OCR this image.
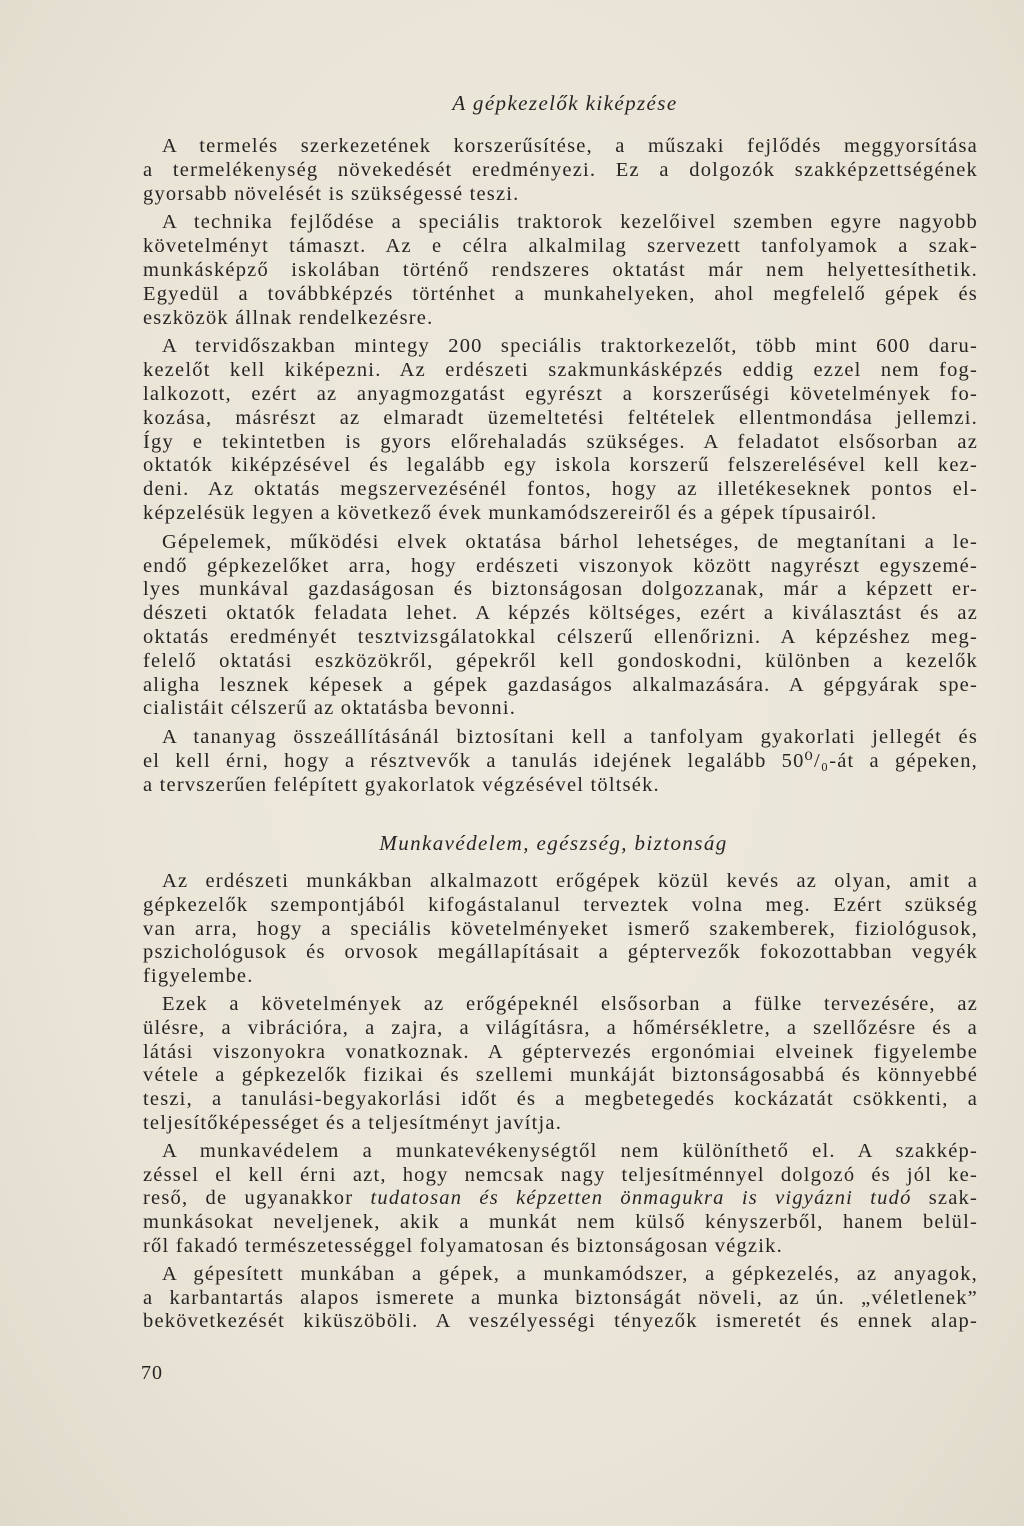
A gépkezelők kiképzése
A termelés szerkezetének korszerűsítése, a műszaki fejlődés meggyorsítása
a termelékenység növekedését eredményezi. Ez a dolgozók szakképzettségének
gyorsabb növelését is szükségessé teszi.
A technika fejlődése a speciális traktorok kezelőivel szemben egyre nagyobb
követelményt támaszt. Az e célra alkalmilag szervezett tanfolyamok a szak-
munkásképző iskolában történő rendszeres oktatást már nem helyettesíthetik.
Egyedül a továbbképzés történhet a munkahelyeken, ahol megfelelő gépek és
eszközök állnak rendelkezésre.
A tervidőszakban mintegy 200 speciális traktorkezelőt, több mint 600 daru-
kezelőt kell kiképezni. Az erdészeti szakmunkásképzés eddig ezzel nem fog-
lalkozott, ezért az anyagmozgatást egyrészt a korszerűségi követelmények fo-
kozása, másrészt az elmaradt üzemeltetési feltételek ellentmondása jellemzi.
Így e tekintetben is gyors előrehaladás szükséges. A feladatot elsősorban az
oktatók kiképzésével és legalább egy iskola korszerű felszerelésével kell kez-
deni. Az oktatás megszervezésénél fontos, hogy az illetékeseknek pontos el-
képzelésük legyen a következő évek munkamódszereiről és a gépek típusairól.
Gépelemek, működési elvek oktatása bárhol lehetséges, de megtanítani a le-
endő gépkezelőket arra, hogy erdészeti viszonyok között nagyrészt egyszemé-
lyes munkával gazdaságosan és biztonságosan dolgozzanak, már a képzett er-
dészeti oktatók feladata lehet. A képzés költséges, ezért a kiválasztást és az
oktatás eredményét tesztvizsgálatokkal célszerű ellenőrizni. A képzéshez meg-
felelő oktatási eszközökről, gépekről kell gondoskodni, különben a kezelők
aligha lesznek képesek a gépek gazdaságos alkalmazására. A gépgyárak spe-
cialistáit célszerű az oktatásba bevonni.
A tananyag összeállításánál biztosítani kell a tanfolyam gyakorlati jellegét és
el kell érni, hogy a résztvevők a tanulás idejének legalább 50⁰/₀-át a gépeken,
a tervszerűen felépített gyakorlatok végzésével töltsék.
Munkavédelem, egészség, biztonság
Az erdészeti munkákban alkalmazott erőgépek közül kevés az olyan, amit a
gépkezelők szempontjából kifogástalanul terveztek volna meg. Ezért szükség
van arra, hogy a speciális követelményeket ismerő szakemberek, fiziológusok,
pszichológusok és orvosok megállapításait a géptervezők fokozottabban vegyék
figyelembe.
Ezek a követelmények az erőgépeknél elsősorban a fülke tervezésére, az
ülésre, a vibrációra, a zajra, a világításra, a hőmérsékletre, a szellőzésre és a
látási viszonyokra vonatkoznak. A géptervezés ergonómiai elveinek figyelembe
vétele a gépkezelők fizikai és szellemi munkáját biztonságosabbá és könnyebbé
teszi, a tanulási-begyakorlási időt és a megbetegedés kockázatát csökkenti, a
teljesítőképességet és a teljesítményt javítja.
A munkavédelem a munkatevékenységtől nem különíthető el. A szakkép-
zéssel el kell érni azt, hogy nemcsak nagy teljesítménnyel dolgozó és jól ke-
reső, de ugyanakkor tudatosan és képzetten önmagukra is vigyázni tudó szak-
munkásokat neveljenek, akik a munkát nem külső kényszerből, hanem belül-
ről fakadó természetességgel folyamatosan és biztonságosan végzik.
A gépesített munkában a gépek, a munkamódszer, a gépkezelés, az anyagok,
a karbantartás alapos ismerete a munka biztonságát növeli, az ún. „véletlenek”
bekövetkezését kiküszöböli. A veszélyességi tényezők ismeretét és ennek alap-
70
